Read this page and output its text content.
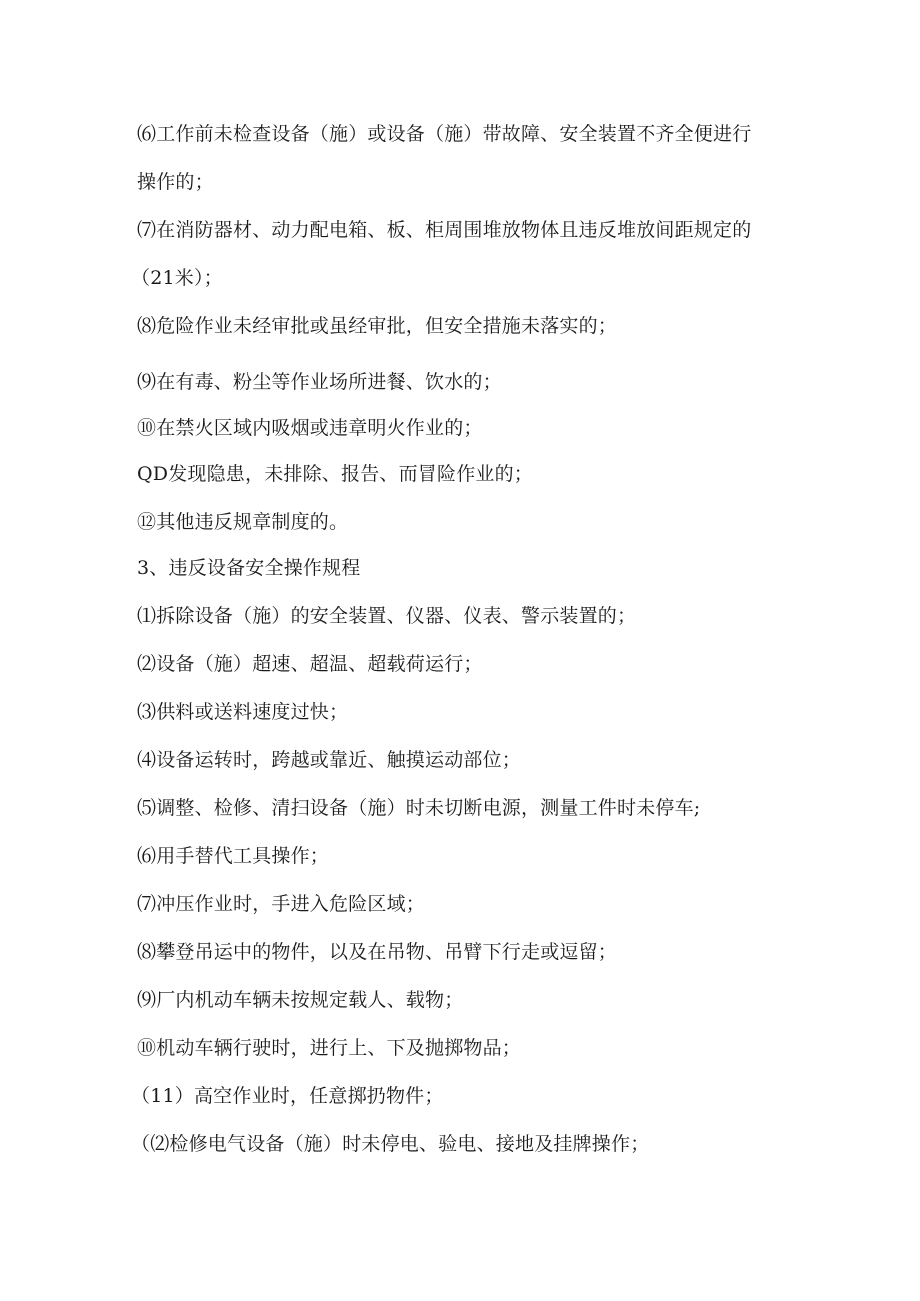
⑹工作前未检查设备（施）或设备（施）带故障、安全装置不齐全便进行
操作的；
⑺在消防器材、动力配电箱、板、柜周围堆放物体且违反堆放间距规定的
（21米）；
⑻危险作业未经审批或虽经审批，但安全措施未落实的；
⑼在有毒、粉尘等作业场所进餐、饮水的；
⑩在禁火区域内吸烟或违章明火作业的；
QD发现隐患，未排除、报告、而冒险作业的；
⑫其他违反规章制度的。
3、违反设备安全操作规程
⑴拆除设备（施）的安全装置、仪器、仪表、警示装置的；
⑵设备（施）超速、超温、超载荷运行；
⑶供料或送料速度过快；
⑷设备运转时，跨越或靠近、触摸运动部位；
⑸调整、检修、清扫设备（施）时未切断电源，测量工件时未停车;
⑹用手替代工具操作；
⑺冲压作业时，手进入危险区域；
⑻攀登吊运中的物件，以及在吊物、吊臂下行走或逗留；
⑼厂内机动车辆未按规定载人、载物；
⑩机动车辆行驶时，进行上、下及抛掷物品；
（11）高空作业时，任意掷扔物件；
（⑵检修电气设备（施）时未停电、验电、接地及挂牌操作；
